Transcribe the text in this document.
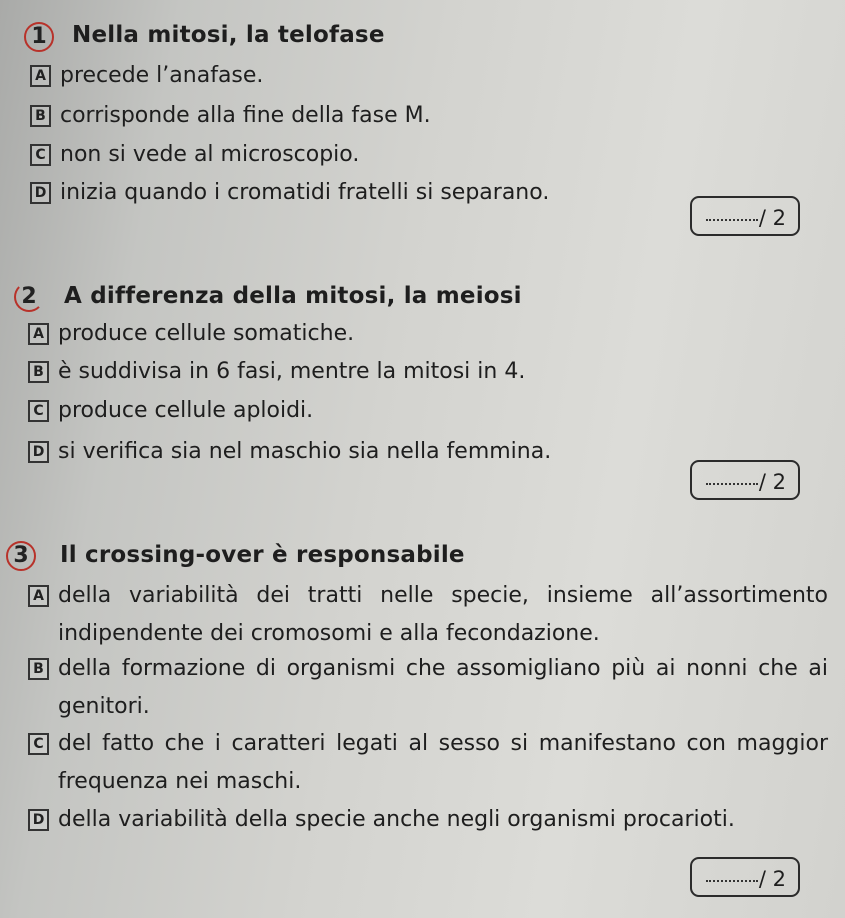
1	Nella mitosi, la telofase
A precede l’anafase.
B corrisponde alla fine della fase M.
C non si vede al microscopio.
D inizia quando i cromatidi fratelli si separano.
/ 2
2	A differenza della mitosi, la meiosi
A produce cellule somatiche.
B è suddivisa in 6 fasi, mentre la mitosi in 4.
C produce cellule aploidi.
D si verifica sia nel maschio sia nella femmina.
/ 2
3	Il crossing-over è responsabile
A della variabilità dei tratti nelle specie, insieme all’assortimento indipendente dei cromosomi e alla fecondazione.
B della formazione di organismi che assomigliano più ai nonni che ai genitori.
C del fatto che i caratteri legati al sesso si manifestano con maggior frequenza nei maschi.
D della variabilità della specie anche negli organismi procarioti.
/ 2
